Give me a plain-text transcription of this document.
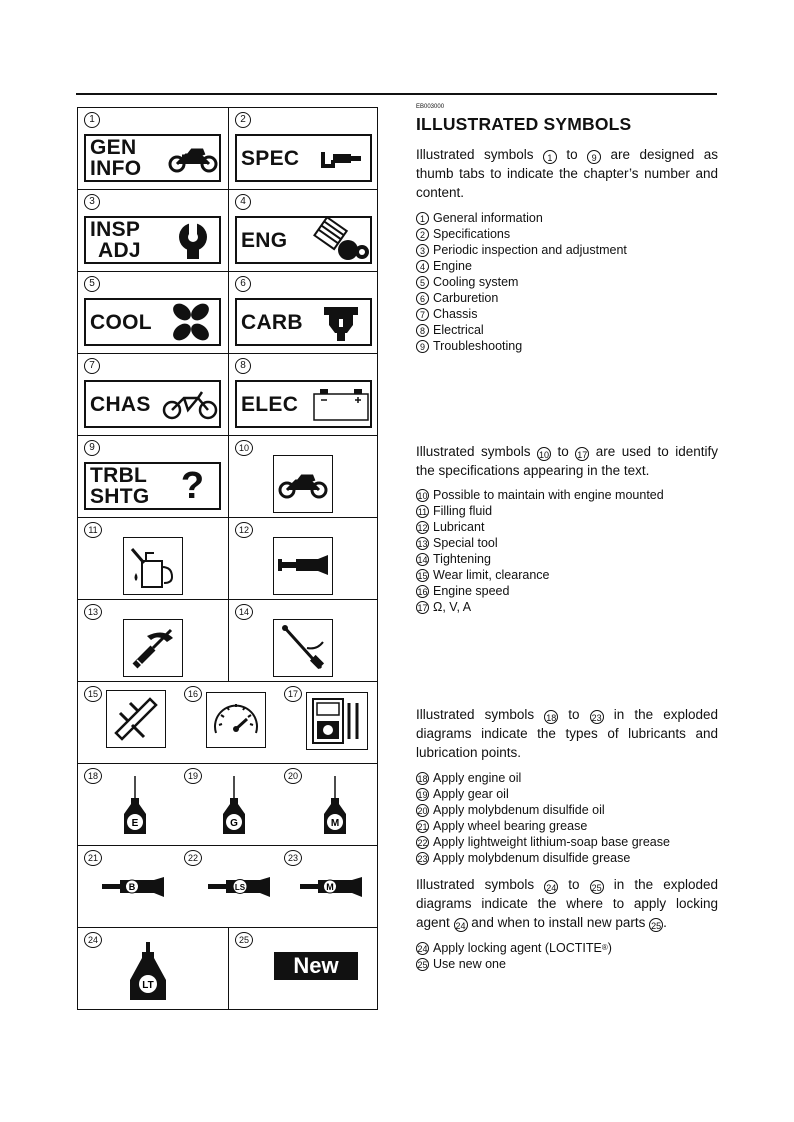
1
GEN
INFO
2
SPEC
3
INSP
ADJ
4
ENG
5
COOL
6
CARB
7
CHAS
8
ELEC
9
TRBL
SHTG ?
10
11	12
13	14
15	16	17
18	19	20
E	G	M
21	22	23
B	LS	M
24
LT
25
New
EB003000
ILLUSTRATED SYMBOLS

Illustrated symbols 1 to 9 are designed as thumb tabs to indicate the chapter’s number and content.

1 General information
2 Specifications
3 Periodic inspection and adjustment
4 Engine
5 Cooling system
6 Carburetion
7 Chassis
8 Electrical
9 Troubleshooting

Illustrated symbols 10 to 17 are used to identify the specifications appearing in the text.

10 Possible to maintain with engine mounted
11 Filling fluid
12 Lubricant
13 Special tool
14 Tightening
15 Wear limit, clearance
16 Engine speed
17 Ω, V, A

Illustrated symbols 18 to 23 in the exploded diagrams indicate the types of lubricants and lubrication points.

18 Apply engine oil
19 Apply gear oil
20 Apply molybdenum disulfide oil
21 Apply wheel bearing grease
22 Apply lightweight lithium-soap base grease
23 Apply molybdenum disulfide grease

Illustrated symbols 24 to 25 in the exploded diagrams indicate the where to apply locking agent 24 and when to install new parts 25 .

24 Apply locking agent (LOCTITE ® )
25 Use new one
